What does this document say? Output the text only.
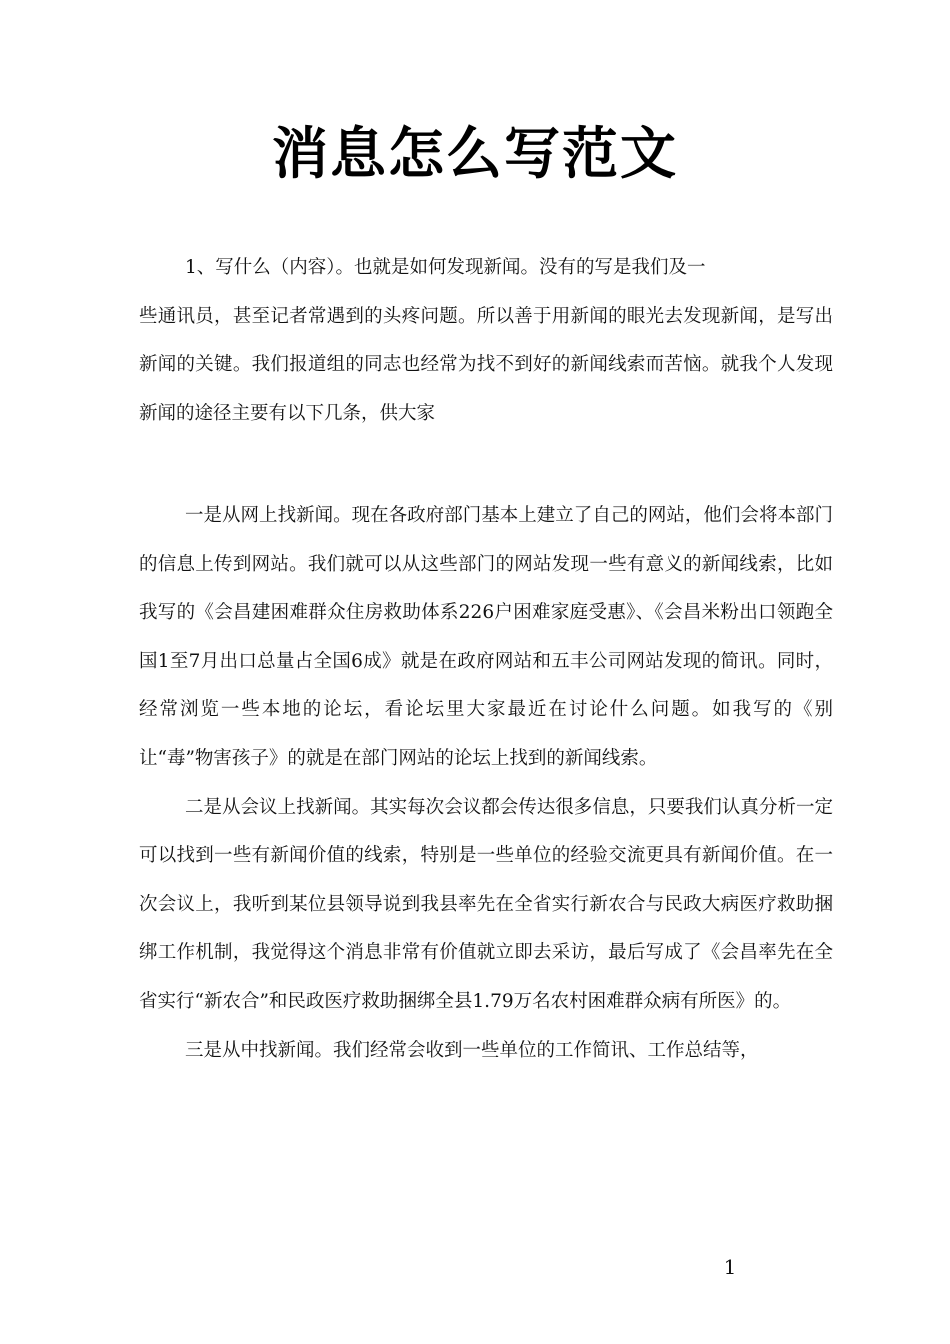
消息怎么写范文
1、写什么（内容）。也就是如何发现新闻。没有的写是我们及一
些通讯员，甚至记者常遇到的头疼问题。所以善于用新闻的眼光去发现新闻，是写出新闻的关键。我们报道组的同志也经常为找不到好的新闻线索而苦恼。就我个人发现新闻的途径主要有以下几条，供大家

一是从网上找新闻。现在各政府部门基本上建立了自己的网站，他们会将本部门的信息上传到网站。我们就可以从这些部门的网站发现一些有意义的新闻线索，比如我写的《会昌建困难群众住房救助体系226户困难家庭受惠》、《会昌米粉出口领跑全国1至7月出口总量占全国6成》就是在政府网站和五丰公司网站发现的简讯。同时，经常浏览一些本地的论坛，看论坛里大家最近在讨论什么问题。如我写的《别让“毒”物害孩子》的就是在部门网站的论坛上找到的新闻线索。

二是从会议上找新闻。其实每次会议都会传达很多信息，只要我们认真分析一定可以找到一些有新闻价值的线索，特别是一些单位的经验交流更具有新闻价值。在一次会议上，我听到某位县领导说到我县率先在全省实行新农合与民政大病医疗救助捆绑工作机制，我觉得这个消息非常有价值就立即去采访，最后写成了《会昌率先在全省实行“新农合”和民政医疗救助捆绑全县1.79万名农村困难群众病有所医》的。

三是从中找新闻。我们经常会收到一些单位的工作简讯、工作总结等，

1
